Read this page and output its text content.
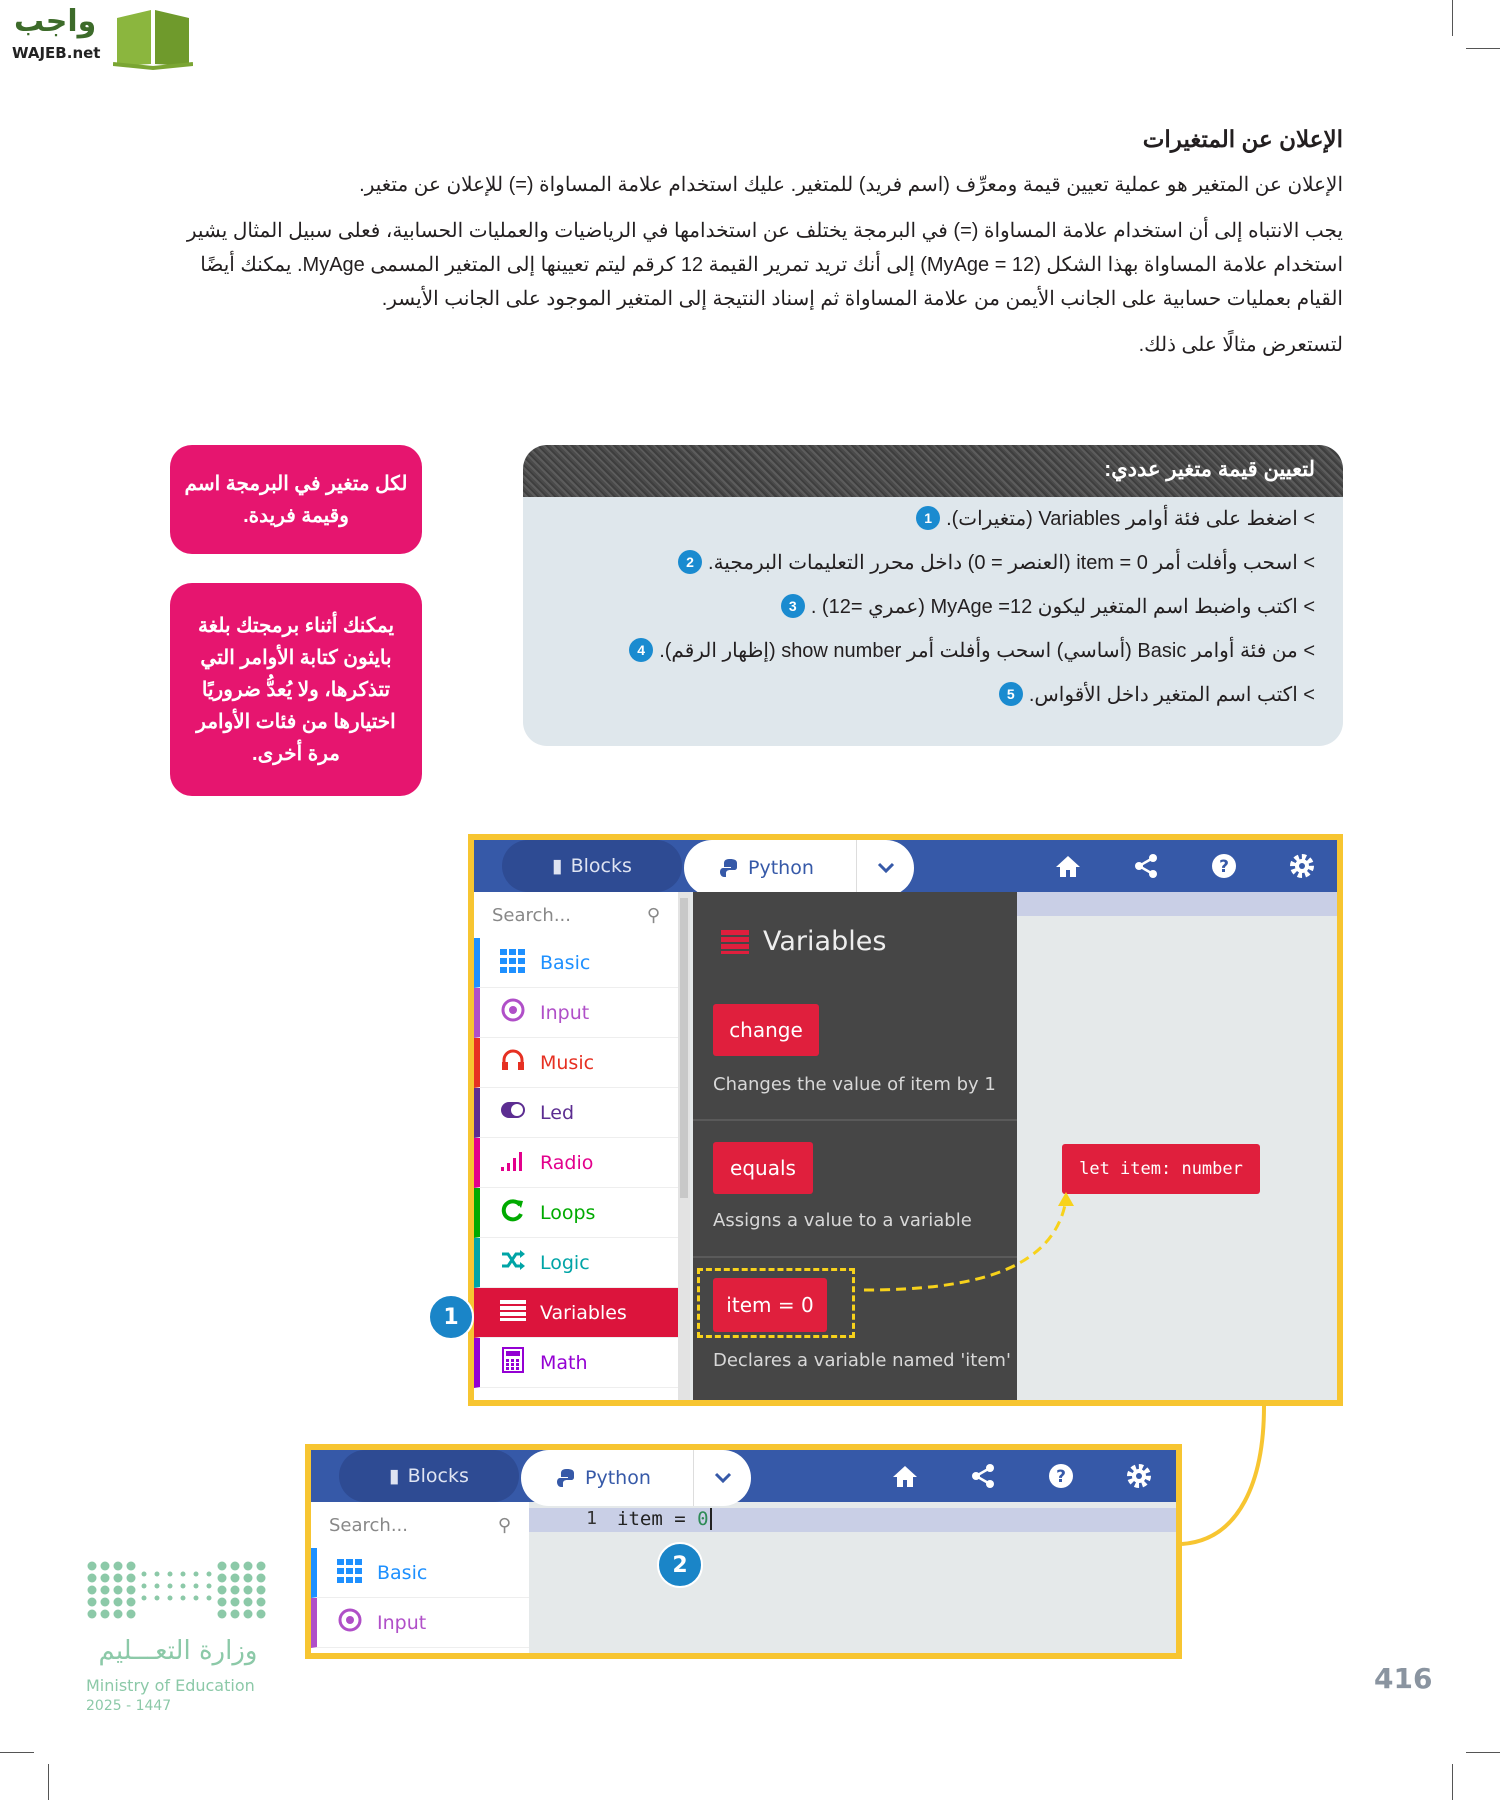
واجب
WAJEB.net
الإعلان عن المتغيرات

الإعلان عن المتغير هو عملية تعيين قيمة ومعرِّف (اسم فريد) للمتغير. عليك استخدام علامة المساواة (=) للإعلان عن متغير.

يجب الانتباه إلى أن استخدام علامة المساواة (=) في البرمجة يختلف عن استخدامها في الرياضيات والعمليات الحسابية، فعلى سبيل المثال يشير استخدام علامة المساواة بهذا الشكل (MyAge = 12) إلى أنك تريد تمرير القيمة 12 كرقم ليتم تعيينها إلى المتغير المسمى MyAge. يمكنك أيضًا القيام بعمليات حسابية على الجانب الأيمن من علامة المساواة ثم إسناد النتيجة إلى المتغير الموجود على الجانب الأيسر.

لتستعرض مثالًا على ذلك.

لتعيين قيمة متغير عددي:
> اضغط على فئة أوامر Variables (متغيرات).1
> اسحب وأفلت أمر item = 0 (العنصر = 0) داخل محرر التعليمات البرمجية.2
> اكتب واضبط اسم المتغير ليكون MyAge =12 (عمري =12) .3
> من فئة أوامر Basic (أساسي) اسحب وأفلت أمر show number (إظهار الرقم).4
> اكتب اسم المتغير داخل الأقواس.5
لكل متغير في البرمجة اسم وقيمة فريدة.
يمكنك أثناء برمجتك بلغة بايثون كتابة الأوامر التي تتذكرها، ولا يُعدُّ ضروريًا اختيارها من فئات الأوامر مرة أخرى.
▮ Blocks	Python	?
Search...	⚲
Basic
Input
Music
Led
Radio
Loops
Logic
Variables
Math
Variables
change
Changes the value of item by 1
equals
Assigns a value to a variable
item = 0
Declares a variable named 'item'
let item: number
1
▮ Blocks	Python	?
Search...	⚲
Basic
Input
1	item = 0
2
وزارة التعـــليم
Ministry of Education
2025 - 1447
416
